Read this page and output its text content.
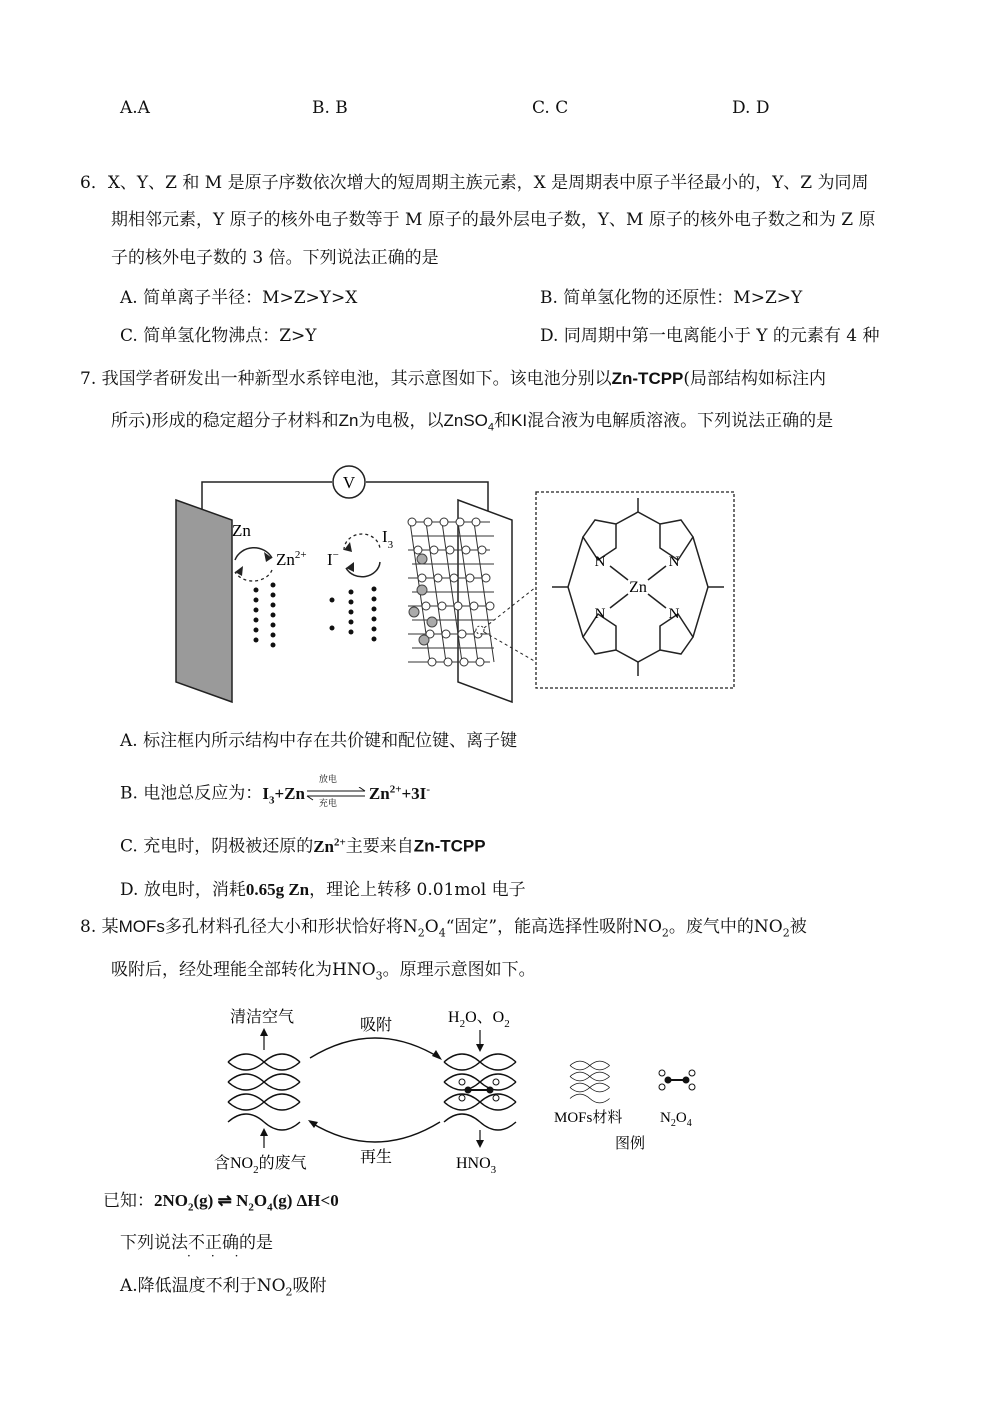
A.A	B. B	C. C	D. D
6．X、Y、Z 和 M 是原子序数依次增大的短周期主族元素，X 是周期表中原子半径最小的，Y、Z 为同周
期相邻元素，Y 原子的核外电子数等于 M 原子的最外层电子数，Y、M 原子的核外电子数之和为 Z 原
子的核外电子数的 3 倍。下列说法正确的是
A. 简单离子半径：M>Z>Y>X	B. 简单氢化物的还原性：M>Z>Y
C. 简单氢化物沸点：Z>Y	D. 同周期中第一电离能小于 Y 的元素有 4 种
7. 我国学者研发出一种新型水系锌电池，其示意图如下。该电池分别以Zn-TCPP(局部结构如标注内
所示)形成的稳定超分子材料和Zn为电极，以ZnSO$_4$和KI混合液为电解质溶液。下列说法正确的是
V
Zn
$Zn^{2+}$ I−
$I_3$
N	N
N	N
Zn
A. 标注框内所示结构中存在共价键和配位键、离子键
B. 电池总反应为：$I_3+Zn$
放电
充电
$Zn^{2+}+3I^-$
C. 充电时，阴极被还原的$Zn^{2+}$主要来自Zn-TCPP
D. 放电时，消耗0.65g Zn，理论上转移 0.01mol 电子
8. 某MOFs多孔材料孔径大小和形状恰好将$N_2O_4“$固定”，能高选择性吸附$NO_2$。废气中的$NO_2$被
吸附后，经处理能全部转化为$HNO_3$。原理示意图如下。
清洁空气
含$NO_2$的废气
吸附
再生
$H_2O$、$O_2$
$HNO_3$
MOFs材料	$N_2O_4$
图例
已知：$2NO_2(g)$ ⇌ $N_2O_4(g)$ ΔH<0
下列说法不正确的是
···
A.降低温度不利于$NO_2$吸附
